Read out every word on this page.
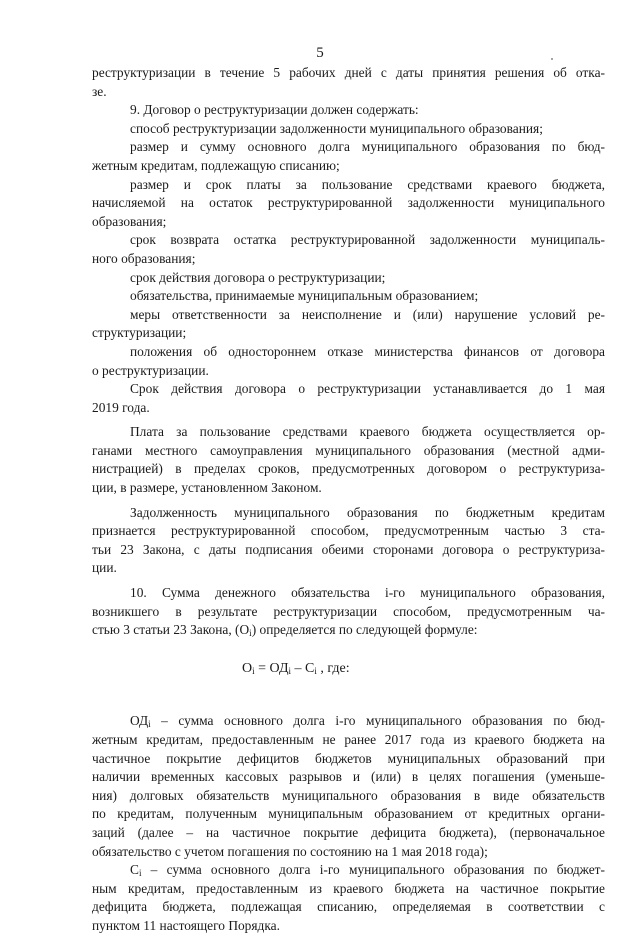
5
реструктуризации в течение 5 рабочих дней с даты принятия решения об отка-
зе.
9. Договор о реструктуризации должен содержать:
способ реструктуризации задолженности муниципального образования;
размер и сумму основного долга муниципального образования по бюд-
жетным кредитам, подлежащую списанию;
размер и срок платы за пользование средствами краевого бюджета,
начисляемой на остаток реструктурированной задолженности муниципального
образования;
срок возврата остатка реструктурированной задолженности муниципаль-
ного образования;
срок действия договора о реструктуризации;
обязательства, принимаемые муниципальным образованием;
меры ответственности за неисполнение и (или) нарушение условий ре-
структуризации;
положения об одностороннем отказе министерства финансов от договора
о реструктуризации.
Срок действия договора о реструктуризации устанавливается до 1 мая
2019 года.
Плата за пользование средствами краевого бюджета осуществляется ор-
ганами местного самоуправления муниципального образования (местной адми-
нистрацией) в пределах сроков, предусмотренных договором о реструктуриза-
ции, в размере, установленном Законом.
Задолженность муниципального образования по бюджетным кредитам
признается реструктурированной способом, предусмотренным частью 3 ста-
тьи 23 Закона, с даты подписания обеими сторонами договора о реструктуриза-
ции.
10. Сумма денежного обязательства i-го муниципального образования,
возникшего в результате реструктуризации способом, предусмотренным ча-
стью 3 статьи 23 Закона, $(O_i)$ определяется по следующей формуле:
$O_i = ОД_i - C_i$ , где:
$ОД_i$ – сумма основного долга i-го муниципального образования по бюд-
жетным кредитам, предоставленным не ранее 2017 года из краевого бюджета на
частичное покрытие дефицитов бюджетов муниципальных образований при
наличии временных кассовых разрывов и (или) в целях погашения (уменьше-
ния) долговых обязательств муниципального образования в виде обязательств
по кредитам, полученным муниципальным образованием от кредитных органи-
заций (далее – на частичное покрытие дефицита бюджета), (первоначальное
обязательство с учетом погашения по состоянию на 1 мая 2018 года);
$C_i$ – сумма основного долга i-го муниципального образования по бюджет-
ным кредитам, предоставленным из краевого бюджета на частичное покрытие
дефицита бюджета, подлежащая списанию, определяемая в соответствии с
пунктом 11 настоящего Порядка.
